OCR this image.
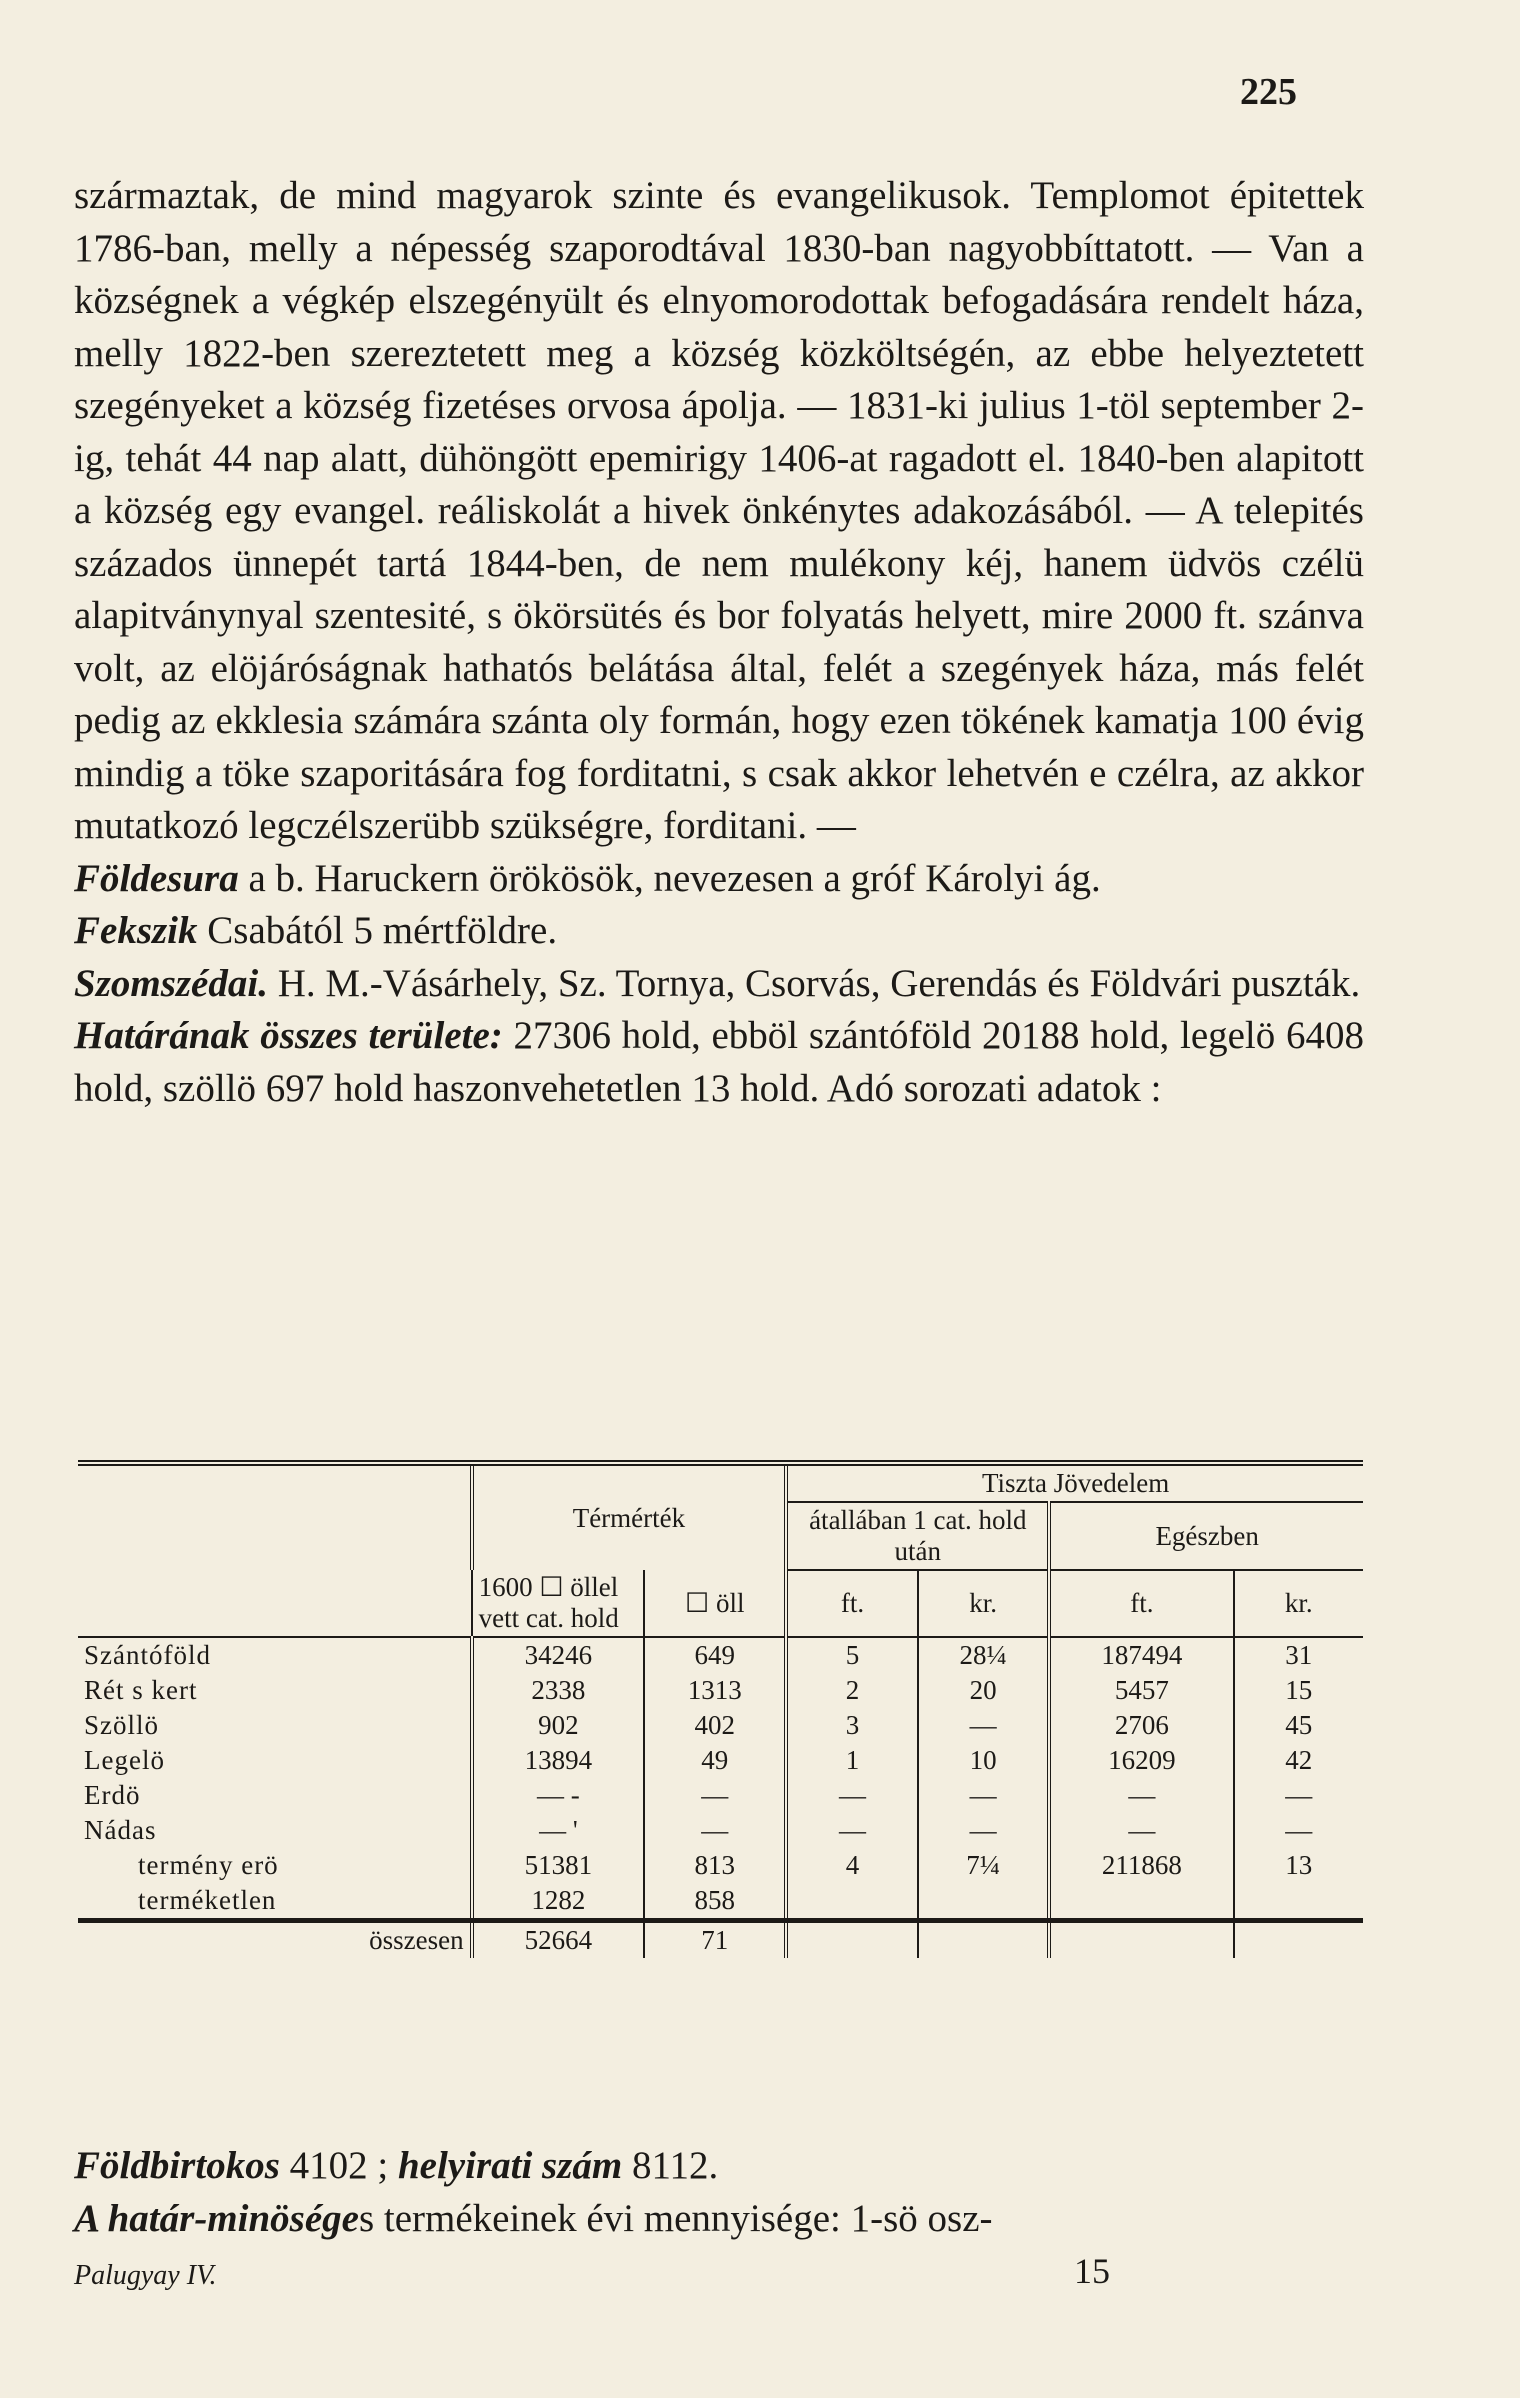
225

származtak, de mind magyarok szinte és evangelikusok. Templomot épitettek 1786-ban, melly a népesség szaporodtával 1830-ban nagyobbíttatott. — Van a községnek a végkép elszegényült és elnyomorodottak befogadására rendelt háza, melly 1822-ben szereztetett meg a község közköltségén, az ebbe helyeztetett szegényeket a község fizetéses orvosa ápolja. — 1831-ki julius 1-töl september 2-ig, tehát 44 nap alatt, dühöngött epemirigy 1406-at ragadott el. 1840-ben alapitott a község egy evangel. reáliskolát a hivek önkénytes adakozásából. — A telepités százados ünnepét tartá 1844-ben, de nem mulékony kéj, hanem üdvös czélü alapitványnyal szentesité, s ökörsütés és bor folyatás helyett, mire 2000 ft. szánva volt, az elöjáróságnak hathatós belátása által, felét a szegények háza, más felét pedig az ekklesia számára szánta oly formán, hogy ezen tökének kamatja 100 évig mindig a töke szaporitására fog forditatni, s csak akkor lehetvén e czélra, az akkor mutatkozó legczélszerübb szükségre, forditani. —

Földesura a b. Haruckern örökösök, nevezesen a gróf Károlyi ág.

Fekszik Csabától 5 mértföldre.

Szomszédai. H. M.-Vásárhely, Sz. Tornya, Csorvás, Gerendás és Földvári puszták.

Határának összes területe: 27306 hold, ebböl szántóföld 20188 hold, legelö 6408 hold, szöllö 697 hold haszonvehetetlen 13 hold. Adó sorozati adatok :

	Térmérték		Tiszta Jövedelem			
			átallában 1 cat. hold után		Egészben	
	1600 ☐ öllel vett cat. hold	☐ öll	ft.	kr.	ft.	kr.
Szántóföld	34246	649	5	28¼	187494	31
Rét s kert	2338	1313	2	20	5457	15
Szöllö	902	402	3	—	2706	45
Legelö	13894	49	1	10	16209	42
Erdö	— -	—	—	—	—	—
Nádas	— '	—	—	—	—	—
termény erö	51381	813	4	7¼	211868	13
terméketlen	1282	858				
összesen	52664	71				

Földbirtokos 4102 ; helyirati szám 8112.

A határ-minöséges termékeinek évi mennyisége: 1-sö osz-

Palugyay IV.	15
